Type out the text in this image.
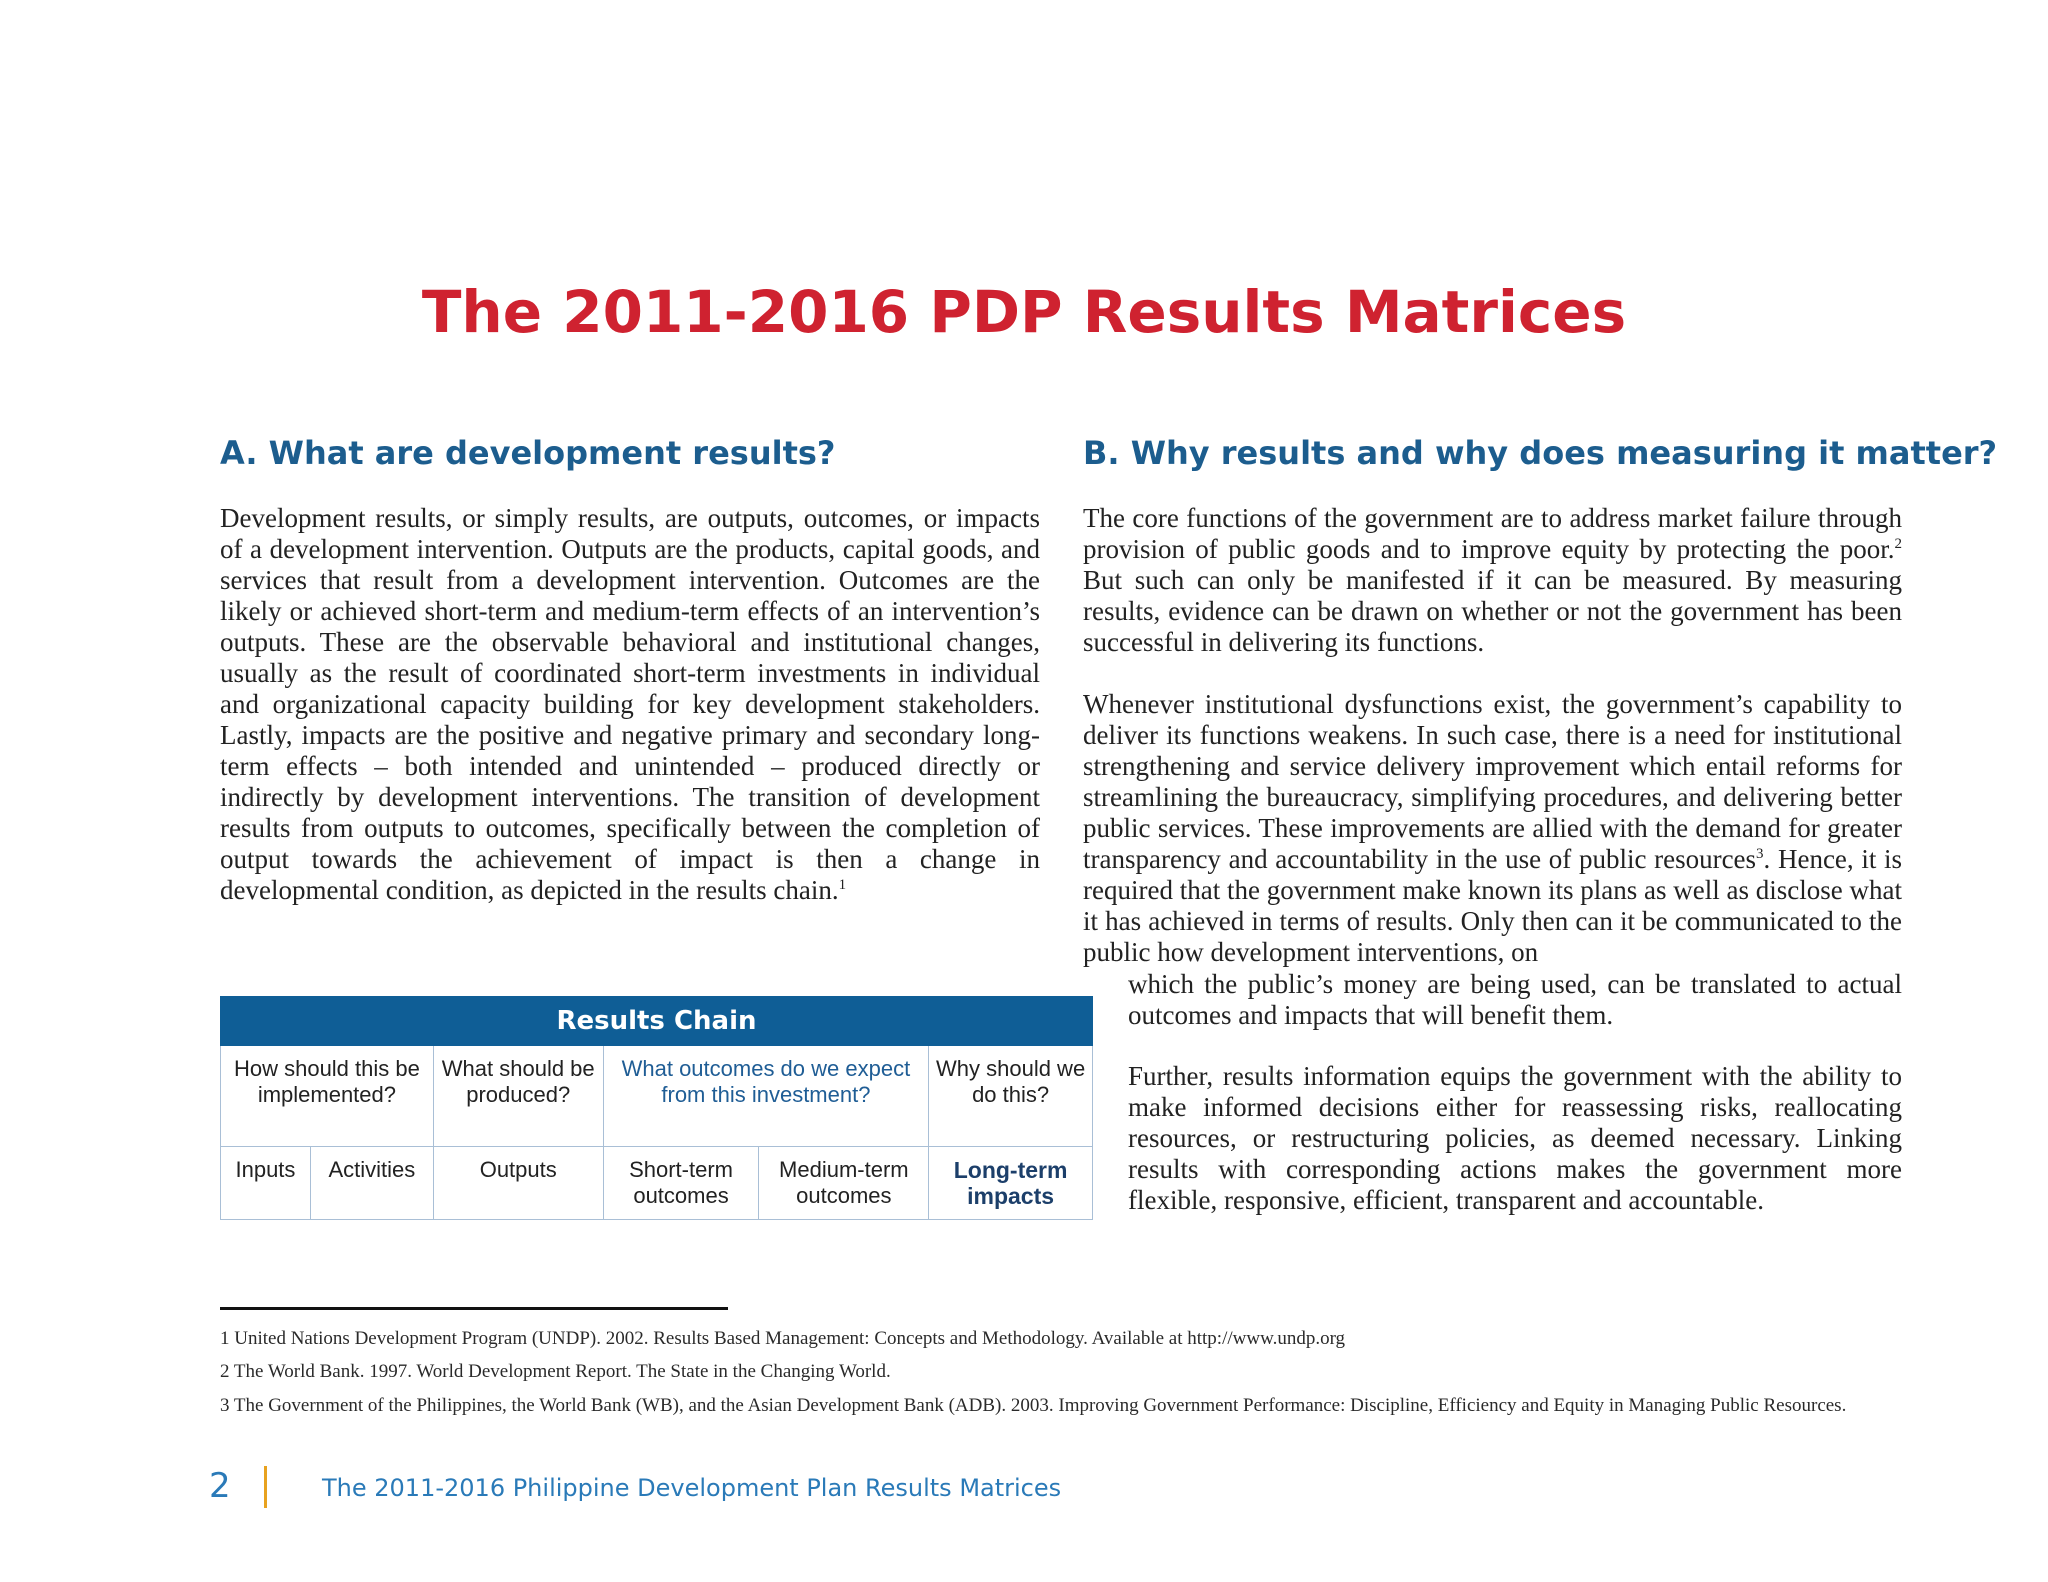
The 2011-2016 PDP Results Matrices
A. What are development results?	B. Why results and why does measuring it matter?

Development results, or simply results, are outputs, outcomes, or impacts of a development intervention. Outputs are the products, capital goods, and services that result from a development intervention. Outcomes are the likely or achieved short-term and medium-term effects of an intervention’s outputs. These are the observable behavioral and institutional changes, usually as the result of coordinated short-term investments in individual and organizational capacity building for key development stakeholders. Lastly, impacts are the positive and negative primary and secondary long-term effects – both intended and unintended – produced directly or indirectly by development interventions. The transition of development results from outputs to outcomes, specifically between the completion of output towards the achievement of impact is then a change in developmental condition, as depicted in the results chain.$^1$

The core functions of the government are to address market failure through provision of public goods and to improve equity by protecting the poor.$^2$ But such can only be manifested if it can be measured. By measuring results, evidence can be drawn on whether or not the government has been successful in delivering its functions.

Whenever institutional dysfunctions exist, the government’s capability to deliver its functions weakens. In such case, there is a need for institutional strengthening and service delivery improvement which entail reforms for streamlining the bureaucracy, simplifying procedures, and delivering better public services. These improvements are allied with the demand for greater transparency and accountability in the use of public resources$^3$. Hence, it is required that the government make known its plans as well as disclose what it has achieved in terms of results. Only then can it be communicated to the public how development interventions, on

which the public’s money are being used, can be translated to actual outcomes and impacts that will benefit them.

Further, results information equips the government with the ability to make informed decisions either for reassessing risks, reallocating resources, or restructuring policies, as deemed necessary. Linking results with corresponding actions makes the government more flexible, responsive, efficient, transparent and accountable.

Results Chain					
How should this be implemented?		What should be produced?	What outcomes do we expect from this investment?		Why should we do this?
Inputs	Activities	Outputs	Short-term outcomes	Medium-term outcomes	Long-term impacts

1 United Nations Development Program (UNDP). 2002. Results Based Management: Concepts and Methodology. Available at http://www.undp.org

2 The World Bank. 1997. World Development Report. The State in the Changing World.

3 The Government of the Philippines, the World Bank (WB), and the Asian Development Bank (ADB). 2003. Improving Government Performance: Discipline, Efficiency and Equity in Managing Public Resources.

2	The 2011-2016 Philippine Development Plan Results Matrices
